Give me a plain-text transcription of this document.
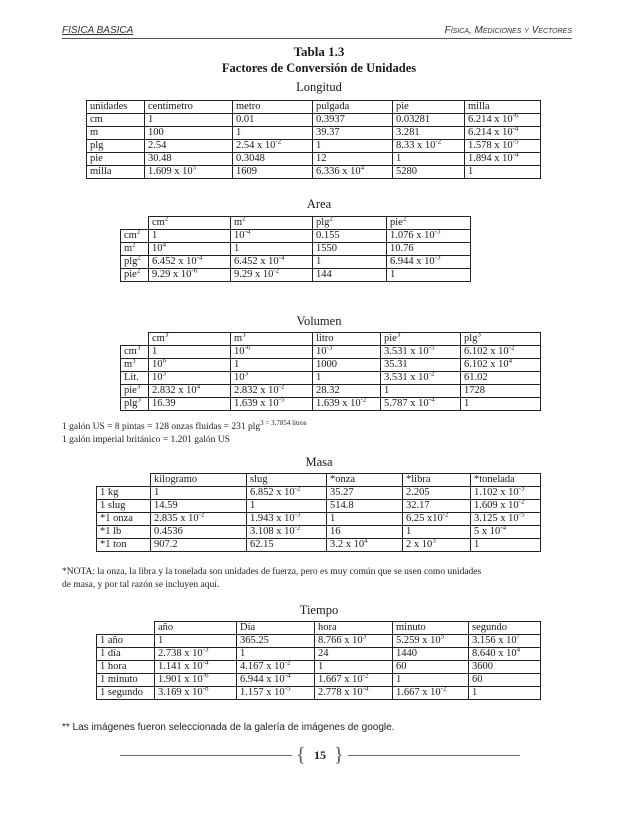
FISICA BASICA	Física, Mediciones y Vectores
Tabla 1.3
Factores de Conversión de Unidades
Longitud
unidades	centímetro	metro	pulgada	pie	milla
cm	1	0.01	0.3937	0.03281	6.214 x $10^{-6}$
m	100	1	39.37	3.281	6.214 x $10^{-4}$
plg	2.54	2.54 x $10^{-2}$	1	8.33 x $10^{-2}$	1.578 x $10^{-5}$
pie	30.48	0.3048	12	1	1.894 x $10^{-4}$
milla	1.609 x $10^5$	1609	6.336 x $10^4$	5280	1
Area
	$cm^2$	$m^2$	plg$^2$	pie$^2$
$cm^2$	1	$10^{-4}$	0.155	1.076 x $10^{-3}$
$m^2$	$10^4$	1	1550	10.76
plg$^2$	6.452 x $10^{-4}$	6.452 x $10^{-4}$	1	6.944 x $10^{-3}$
pie$^2$	9.29 x $10^{-6}$	9.29 x $10^{-2}$	144	1
Volumen
	$cm^3$	$m^3$	litro	pie$^3$	plg$^3$
$cm^3$	1	$10^{-6}$	$10^{-3}$	3.531 x $10^{-5}$	6.102 x $10^{-2}$
$m^3$	$10^6$	1	1000	35.31	6.102 x $10^4$
Lit.	$10^3$	$10^3$	1	3.531 x $10^{-2}$	61.02
pie$^3$	2.832 x $10^4$	2.832 x $10^{-2}$	28.32	1	1728
plg$^3$	16.39	1.639 x $10^{-5}$	1.639 x $10^{-2}$	5.787 x $10^{-4}$	1
1 galón US = 8 pintas = 128 onzas fluidas = 231 plg$^{3 = 3.7854 litros}$
1 galón imperial británico = 1.201 galón US
Masa
	kilogramo	slug	*onza	*libra	*tonelada
1 kg	1	6.852 x $10^{-2}$	35.27	2.205	1.102 x $10^{-3}$
1 slug	14.59	1	514.8	32.17	1.609 x $10^{-2}$
*1 onza	2.835 x $10^{-2}$	1.943 x $10^{-3}$	1	6.25 $x10^{-2}$	3.125 x $10^{-5}$
*1 lb	0.4536	3.108 x $10^{-2}$	16	1	5 x $10^{-4}$
*1 ton	907.2	62.15	3.2 x $10^4$	2 x $10^3$	1
*NOTA: la onza, la libra y la tonelada son unidades de fuerza, pero es muy común que se usen como unidades
de masa, y por tal razón se incluyen aquí.
Tiempo
	año	Día	hora	minuto	segundo
1 año	1	365.25	8.766 x $10^3$	5.259 x $10^5$	3.156 x $10^7$
1 día	2.738 x $10^{-3}$	1	24	1440	8.640 x $10^4$
1 hora	1.141 x $10^{-4}$	4.167 x $10^{-2}$	1	60	3600
1 minuto	1.901 x $10^{-6}$	6.944 x $10^{-4}$	1.667 x $10^{-2}$	1	60
1 segundo	3.169 x $10^{-8}$	1.157 x $10^{-5}$	2.778 x $10^{-4}$	1.667 x $10^{-2}$	1
** Las imágenes fueron seleccionada de la galería de imágenes de google.
{ 15 }
